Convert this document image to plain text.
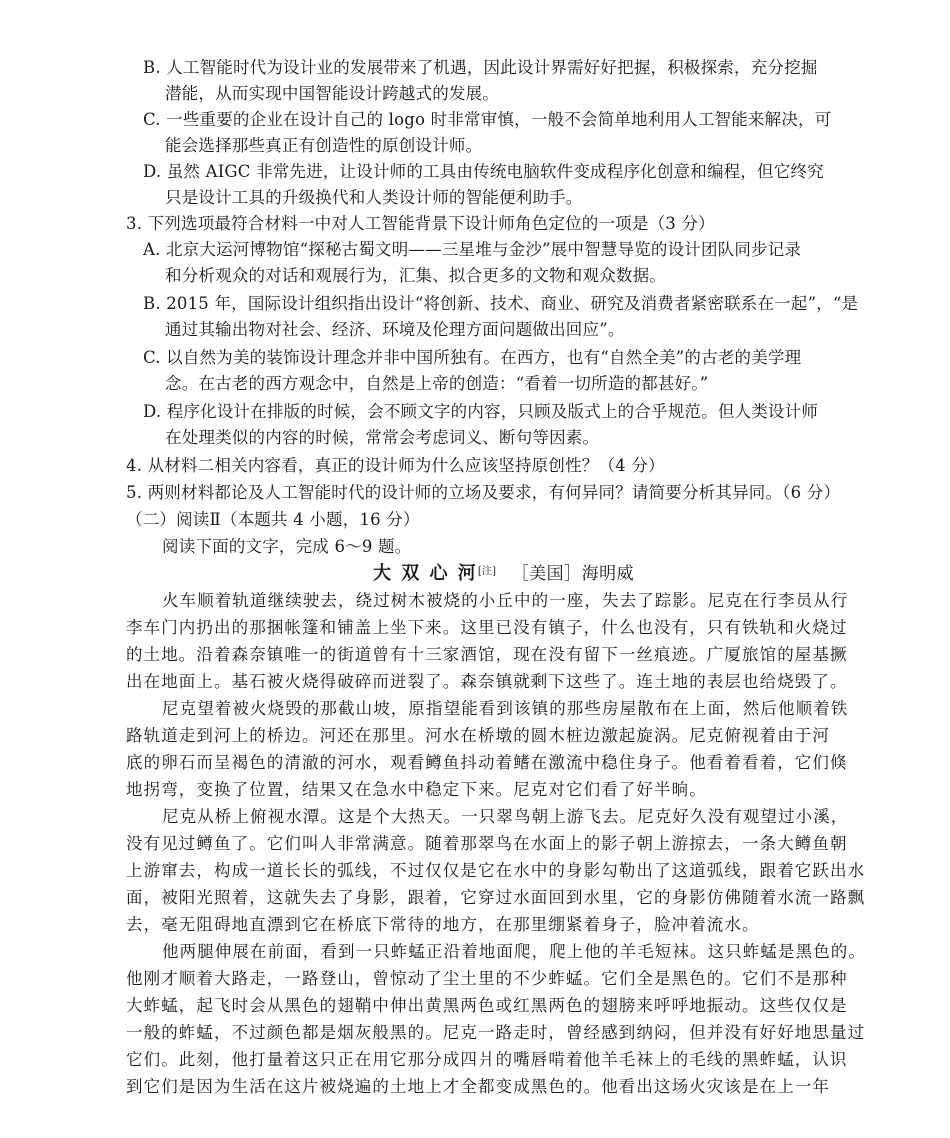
B. 人工智能时代为设计业的发展带来了机遇，因此设计界需好好把握，积极探索，充分挖掘
潜能，从而实现中国智能设计跨越式的发展。
C. 一些重要的企业在设计自己的 logo 时非常审慎，一般不会简单地利用人工智能来解决，可
能会选择那些真正有创造性的原创设计师。
D. 虽然 AIGC 非常先进，让设计师的工具由传统电脑软件变成程序化创意和编程，但它终究
只是设计工具的升级换代和人类设计师的智能便利助手。
3. 下列选项最符合材料一中对人工智能背景下设计师角色定位的一项是（3 分）
A. 北京大运河博物馆“探秘古蜀文明——三星堆与金沙”展中智慧导览的设计团队同步记录
和分析观众的对话和观展行为，汇集、拟合更多的文物和观众数据。
B. 2015 年，国际设计组织指出设计“将创新、技术、商业、研究及消费者紧密联系在一起”，“是
通过其输出物对社会、经济、环境及伦理方面问题做出回应”。
C. 以自然为美的装饰设计理念并非中国所独有。在西方，也有“自然全美”的古老的美学理
念。在古老的西方观念中，自然是上帝的创造：“看着一切所造的都甚好。”
D. 程序化设计在排版的时候，会不顾文字的内容，只顾及版式上的合乎规范。但人类设计师
在处理类似的内容的时候，常常会考虑词义、断句等因素。
4. 从材料二相关内容看，真正的设计师为什么应该坚持原创性？（4 分）
5. 两则材料都论及人工智能时代的设计师的立场及要求，有何异同？请简要分析其异同。（6 分）
（二）阅读Ⅱ（本题共 4 小题，16 分）
阅读下面的文字，完成 6～9 题。
大 双 心 河[注] ［美国］海明威
火车顺着轨道继续驶去，绕过树木被烧的小丘中的一座，失去了踪影。尼克在行李员从行
李车门内扔出的那捆帐篷和铺盖上坐下来。这里已没有镇子，什么也没有，只有铁轨和火烧过
的土地。沿着森奈镇唯一的街道曾有十三家酒馆，现在没有留下一丝痕迹。广厦旅馆的屋基撅
出在地面上。基石被火烧得破碎而迸裂了。森奈镇就剩下这些了。连土地的表层也给烧毁了。
尼克望着被火烧毁的那截山坡，原指望能看到该镇的那些房屋散布在上面，然后他顺着铁
路轨道走到河上的桥边。河还在那里。河水在桥墩的圆木桩边激起旋涡。尼克俯视着由于河
底的卵石而呈褐色的清澈的河水，观看鳟鱼抖动着鳍在激流中稳住身子。他看着看着，它们倏
地拐弯，变换了位置，结果又在急水中稳定下来。尼克对它们看了好半晌。
尼克从桥上俯视水潭。这是个大热天。一只翠鸟朝上游飞去。尼克好久没有观望过小溪，
没有见过鳟鱼了。它们叫人非常满意。随着那翠鸟在水面上的影子朝上游掠去，一条大鳟鱼朝
上游窜去，构成一道长长的弧线，不过仅仅是它在水中的身影勾勒出了这道弧线，跟着它跃出水
面，被阳光照着，这就失去了身影，跟着，它穿过水面回到水里，它的身影仿佛随着水流一路飘
去，毫无阻碍地直漂到它在桥底下常待的地方，在那里绷紧着身子，脸冲着流水。
他两腿伸展在前面，看到一只蚱蜢正沿着地面爬，爬上他的羊毛短袜。这只蚱蜢是黑色的。
他刚才顺着大路走，一路登山，曾惊动了尘土里的不少蚱蜢。它们全是黑色的。它们不是那种
大蚱蜢，起飞时会从黑色的翅鞘中伸出黄黑两色或红黑两色的翅膀来呼呼地振动。这些仅仅是
一般的蚱蜢，不过颜色都是烟灰般黑的。尼克一路走时，曾经感到纳闷，但并没有好好地思量过
它们。此刻，他打量着这只正在用它那分成四爿的嘴唇啃着他羊毛袜上的毛线的黑蚱蜢，认识
到它们是因为生活在这片被烧遍的土地上才全都变成黑色的。他看出这场火灾该是在上一年
